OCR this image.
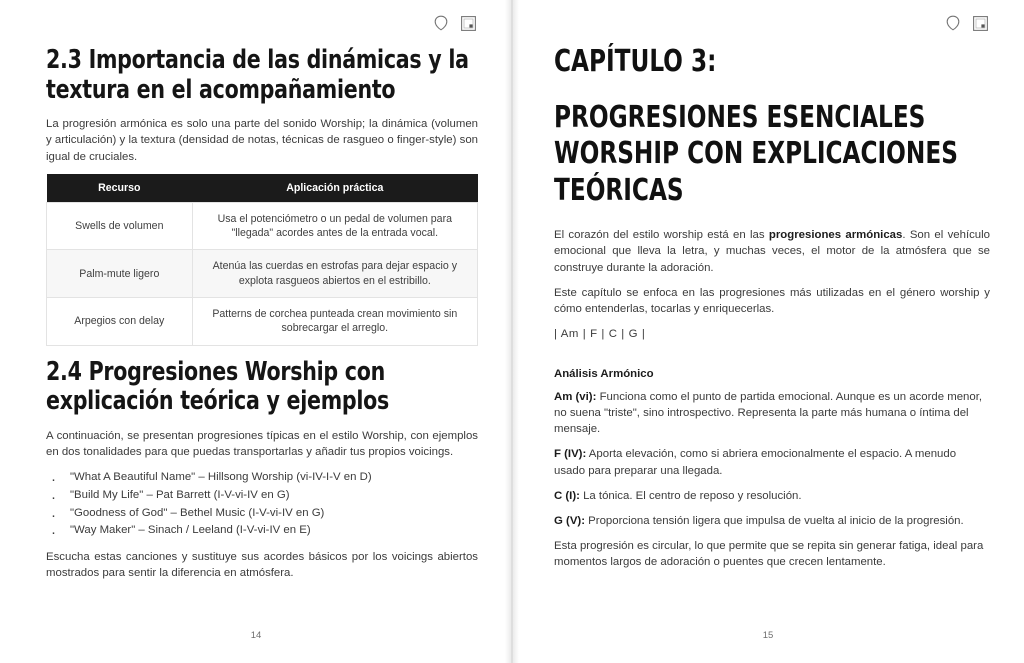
2.3 Importancia de las dinámicas y la textura en el acompañamiento

La progresión armónica es solo una parte del sonido Worship; la dinámica (volumen y articulación) y la textura (densidad de notas, técnicas de rasgueo o finger-style) son igual de cruciales.

Recurso	Aplicación práctica
Swells de volumen	Usa el potenciómetro o un pedal de volumen para "llegada" acordes antes de la entrada vocal.
Palm-mute ligero	Atenúa las cuerdas en estrofas para dejar espacio y explota rasgueos abiertos en el estribillo.
Arpegios con delay	Patterns de corchea punteada crean movimiento sin sobrecargar el arreglo.
2.4 Progresiones Worship con explicación teórica y ejemplos

A continuación, se presentan progresiones típicas en el estilo Worship, con ejemplos en dos tonalidades para que puedas transportarlas y añadir tus propios voicings.

· "What A Beautiful Name" – Hillsong Worship (vi-IV-I-V en D)
· "Build My Life" – Pat Barrett (I-V-vi-IV en G)
· "Goodness of God" – Bethel Music (I-V-vi-IV en G)
· "Way Maker" – Sinach / Leeland (I-V-vi-IV en E)

Escucha estas canciones y sustituye sus acordes básicos por los voicings abiertos mostrados para sentir la diferencia en atmósfera.

14
CAPÍTULO 3:
PROGRESIONES ESENCIALES WORSHIP CON EXPLICACIONES TEÓRICAS

El corazón del estilo worship está en las progresiones armónicas. Son el vehículo emocional que lleva la letra, y muchas veces, el motor de la atmósfera que se construye durante la adoración.

Este capítulo se enfoca en las progresiones más utilizadas en el género worship y cómo entenderlas, tocarlas y enriquecerlas.

| Am | F | C | G |
Análisis Armónico

Am (vi): Funciona como el punto de partida emocional. Aunque es un acorde menor, no suena "triste", sino introspectivo. Representa la parte más humana o íntima del mensaje.

F (IV): Aporta elevación, como si abriera emocionalmente el espacio. A menudo usado para preparar una llegada.

C (I): La tónica. El centro de reposo y resolución.

G (V): Proporciona tensión ligera que impulsa de vuelta al inicio de la progresión.

Esta progresión es circular, lo que permite que se repita sin generar fatiga, ideal para momentos largos de adoración o puentes que crecen lentamente.

15
